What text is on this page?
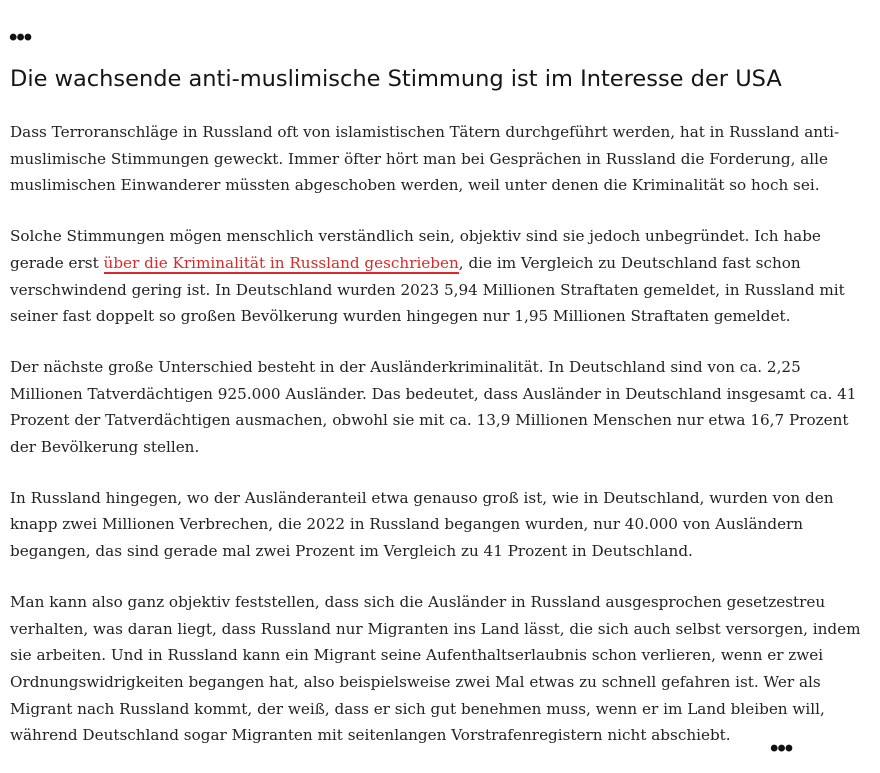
•••
Die wachsende anti-muslimische Stimmung ist im Interesse der USA

Dass Terroranschläge in Russland oft von islamistischen Tätern durchgeführt werden, hat in Russland anti-muslimische Stimmungen geweckt. Immer öfter hört man bei Gesprächen in Russland die Forderung, alle muslimischen Einwanderer müssten abgeschoben werden, weil unter denen die Kriminalität so hoch sei.

Solche Stimmungen mögen menschlich verständlich sein, objektiv sind sie jedoch unbegründet. Ich habe gerade erst über die Kriminalität in Russland geschrieben, die im Vergleich zu Deutschland fast schon verschwindend gering ist. In Deutschland wurden 2023 5,94 Millionen Straftaten gemeldet, in Russland mit seiner fast doppelt so großen Bevölkerung wurden hingegen nur 1,95 Millionen Straftaten gemeldet.

Der nächste große Unterschied besteht in der Ausländerkriminalität. In Deutschland sind von ca. 2,25 Millionen Tatverdächtigen 925.000 Ausländer. Das bedeutet, dass Ausländer in Deutschland insgesamt ca. 41 Prozent der Tatverdächtigen ausmachen, obwohl sie mit ca. 13,9 Millionen Menschen nur etwa 16,7 Prozent der Bevölkerung stellen.

In Russland hingegen, wo der Ausländeranteil etwa genauso groß ist, wie in Deutschland, wurden von den knapp zwei Millionen Verbrechen, die 2022 in Russland begangen wurden, nur 40.000 von Ausländern begangen, das sind gerade mal zwei Prozent im Vergleich zu 41 Prozent in Deutschland.

Man kann also ganz objektiv feststellen, dass sich die Ausländer in Russland ausgesprochen gesetzestreu verhalten, was daran liegt, dass Russland nur Migranten ins Land lässt, die sich auch selbst versorgen, indem sie arbeiten. Und in Russland kann ein Migrant seine Aufenthaltserlaubnis schon verlieren, wenn er zwei Ordnungswidrigkeiten begangen hat, also beispielsweise zwei Mal etwas zu schnell gefahren ist. Wer als Migrant nach Russland kommt, der weiß, dass er sich gut benehmen muss, wenn er im Land bleiben will, während Deutschland sogar Migranten mit seitenlangen Vorstrafenregistern nicht abschiebt.	•••
